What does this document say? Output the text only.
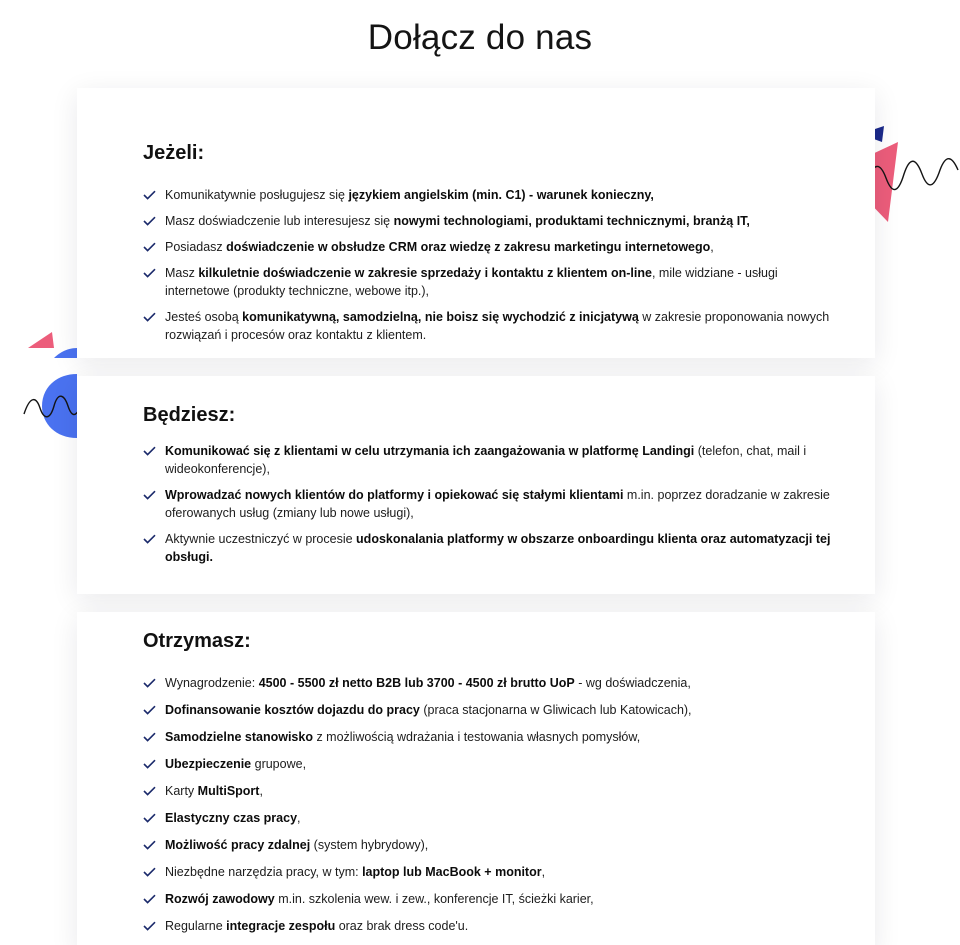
Dołącz do nas
Jeżeli:
Komunikatywnie posługujesz się językiem angielskim (min. C1) - warunek konieczny,
Masz doświadczenie lub interesujesz się nowymi technologiami, produktami technicznymi, branżą IT,
Posiadasz doświadczenie w obsłudze CRM oraz wiedzę z zakresu marketingu internetowego,
Masz kilkuletnie doświadczenie w zakresie sprzedaży i kontaktu z klientem on-line, mile widziane - usługi internetowe (produkty techniczne, webowe itp.),
Jesteś osobą komunikatywną, samodzielną, nie boisz się wychodzić z inicjatywą w zakresie proponowania nowych rozwiązań i procesów oraz kontaktu z klientem.
Będziesz:
Komunikować się z klientami w celu utrzymania ich zaangażowania w platformę Landingi (telefon, chat, mail i wideokonferencje),
Wprowadzać nowych klientów do platformy i opiekować się stałymi klientami m.in. poprzez doradzanie w zakresie oferowanych usług (zmiany lub nowe usługi),
Aktywnie uczestniczyć w procesie udoskonalania platformy w obszarze onboardingu klienta oraz automatyzacji tej obsługi.
Otrzymasz:
Wynagrodzenie: 4500 - 5500 zł netto B2B lub 3700 - 4500 zł brutto UoP - wg doświadczenia,
Dofinansowanie kosztów dojazdu do pracy (praca stacjonarna w Gliwicach lub Katowicach),
Samodzielne stanowisko z możliwością wdrażania i testowania własnych pomysłów,
Ubezpieczenie grupowe,
Karty MultiSport,
Elastyczny czas pracy,
Możliwość pracy zdalnej (system hybrydowy),
Niezbędne narzędzia pracy, w tym: laptop lub MacBook + monitor,
Rozwój zawodowy m.in. szkolenia wew. i zew., konferencje IT, ścieżki karier,
Regularne integracje zespołu oraz brak dress code'u.
